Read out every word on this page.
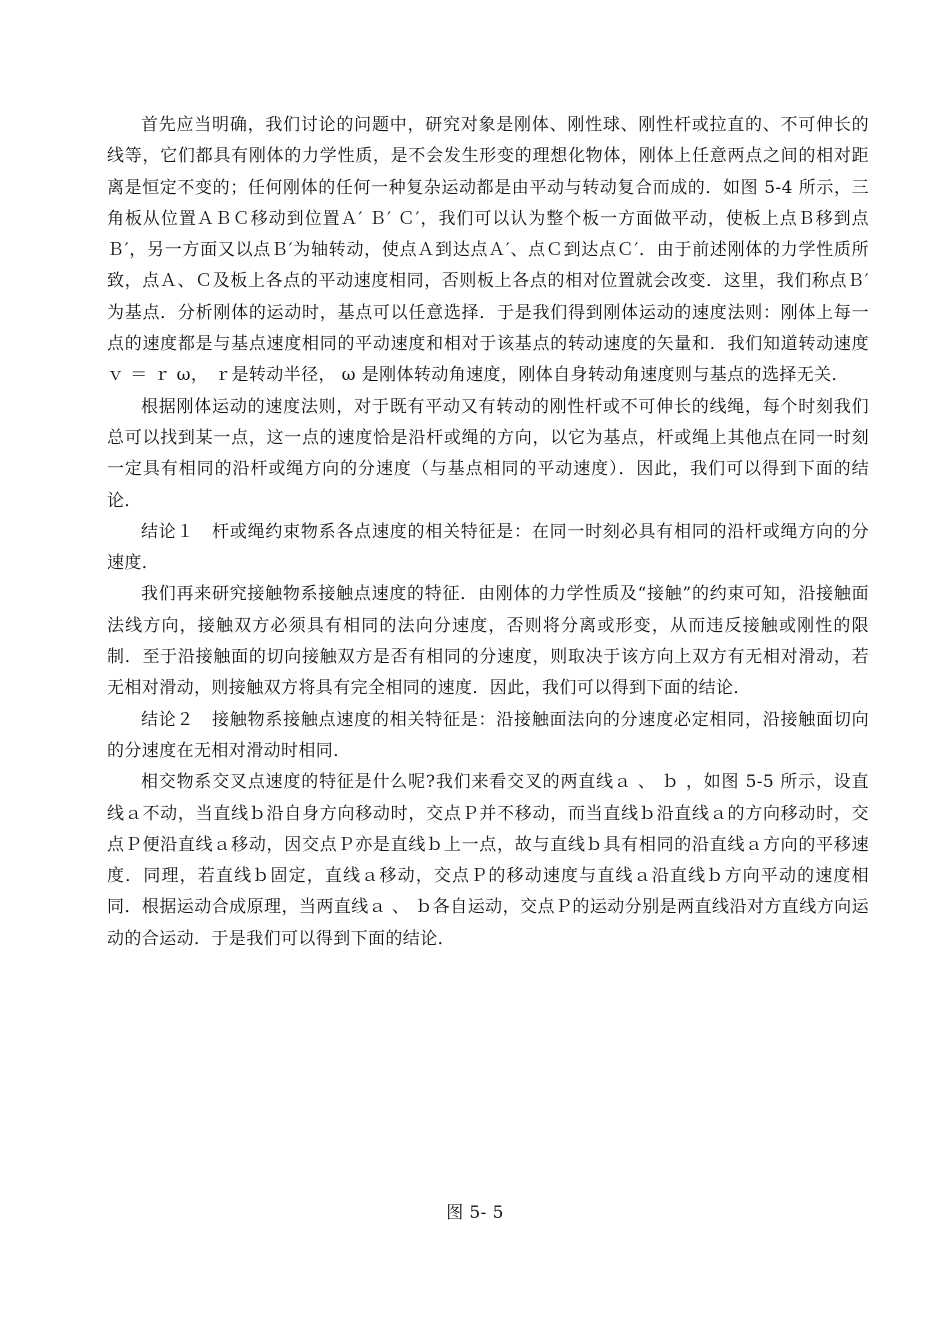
首先应当明确，我们讨论的问题中，研究对象是刚体、刚性球、刚性杆或拉直的、不可伸长的线等，它们都具有刚体的力学性质，是不会发生形变的理想化物体，刚体上任意两点之间的相对距离是恒定不变的；任何刚体的任何一种复杂运动都是由平动与转动复合而成的．如图 5-4 所示，三角板从位置ＡＢＣ移动到位置Ａ′ Ｂ′ Ｃ′，我们可以认为整个板一方面做平动，使板上点Ｂ移到点Ｂ′，另一方面又以点Ｂ′为轴转动，使点Ａ到达点Ａ′、点Ｃ到达点Ｃ′．由于前述刚体的力学性质所致，点Ａ、Ｃ及板上各点的平动速度相同，否则板上各点的相对位置就会改变．这里，我们称点Ｂ′为基点．分析刚体的运动时，基点可以任意选择．于是我们得到刚体运动的速度法则：刚体上每一点的速度都是与基点速度相同的平动速度和相对于该基点的转动速度的矢量和．我们知道转动速度 ｖ ＝ ｒ ω， ｒ是转动半径， ω 是刚体转动角速度，刚体自身转动角速度则与基点的选择无关．

根据刚体运动的速度法则，对于既有平动又有转动的刚性杆或不可伸长的线绳，每个时刻我们总可以找到某一点，这一点的速度恰是沿杆或绳的方向，以它为基点，杆或绳上其他点在同一时刻一定具有相同的沿杆或绳方向的分速度（与基点相同的平动速度）．因此，我们可以得到下面的结论．

结论１　杆或绳约束物系各点速度的相关特征是：在同一时刻必具有相同的沿杆或绳方向的分速度．

我们再来研究接触物系接触点速度的特征．由刚体的力学性质及“接触”的约束可知，沿接触面法线方向，接触双方必须具有相同的法向分速度，否则将分离或形变，从而违反接触或刚性的限制．至于沿接触面的切向接触双方是否有相同的分速度，则取决于该方向上双方有无相对滑动，若无相对滑动，则接触双方将具有完全相同的速度．因此，我们可以得到下面的结论．

结论２　接触物系接触点速度的相关特征是：沿接触面法向的分速度必定相同，沿接触面切向的分速度在无相对滑动时相同．

相交物系交叉点速度的特征是什么呢?我们来看交叉的两直线ａ 、 ｂ ，如图 5-5 所示，设直线ａ不动，当直线ｂ沿自身方向移动时，交点Ｐ并不移动，而当直线ｂ沿直线ａ的方向移动时，交点Ｐ便沿直线ａ移动，因交点Ｐ亦是直线ｂ上一点，故与直线ｂ具有相同的沿直线ａ方向的平移速度．同理，若直线ｂ固定，直线ａ移动，交点Ｐ的移动速度与直线ａ沿直线ｂ方向平动的速度相同．根据运动合成原理，当两直线ａ 、 ｂ各自运动，交点Ｐ的运动分别是两直线沿对方直线方向运动的合运动．于是我们可以得到下面的结论．

图 5- 5
